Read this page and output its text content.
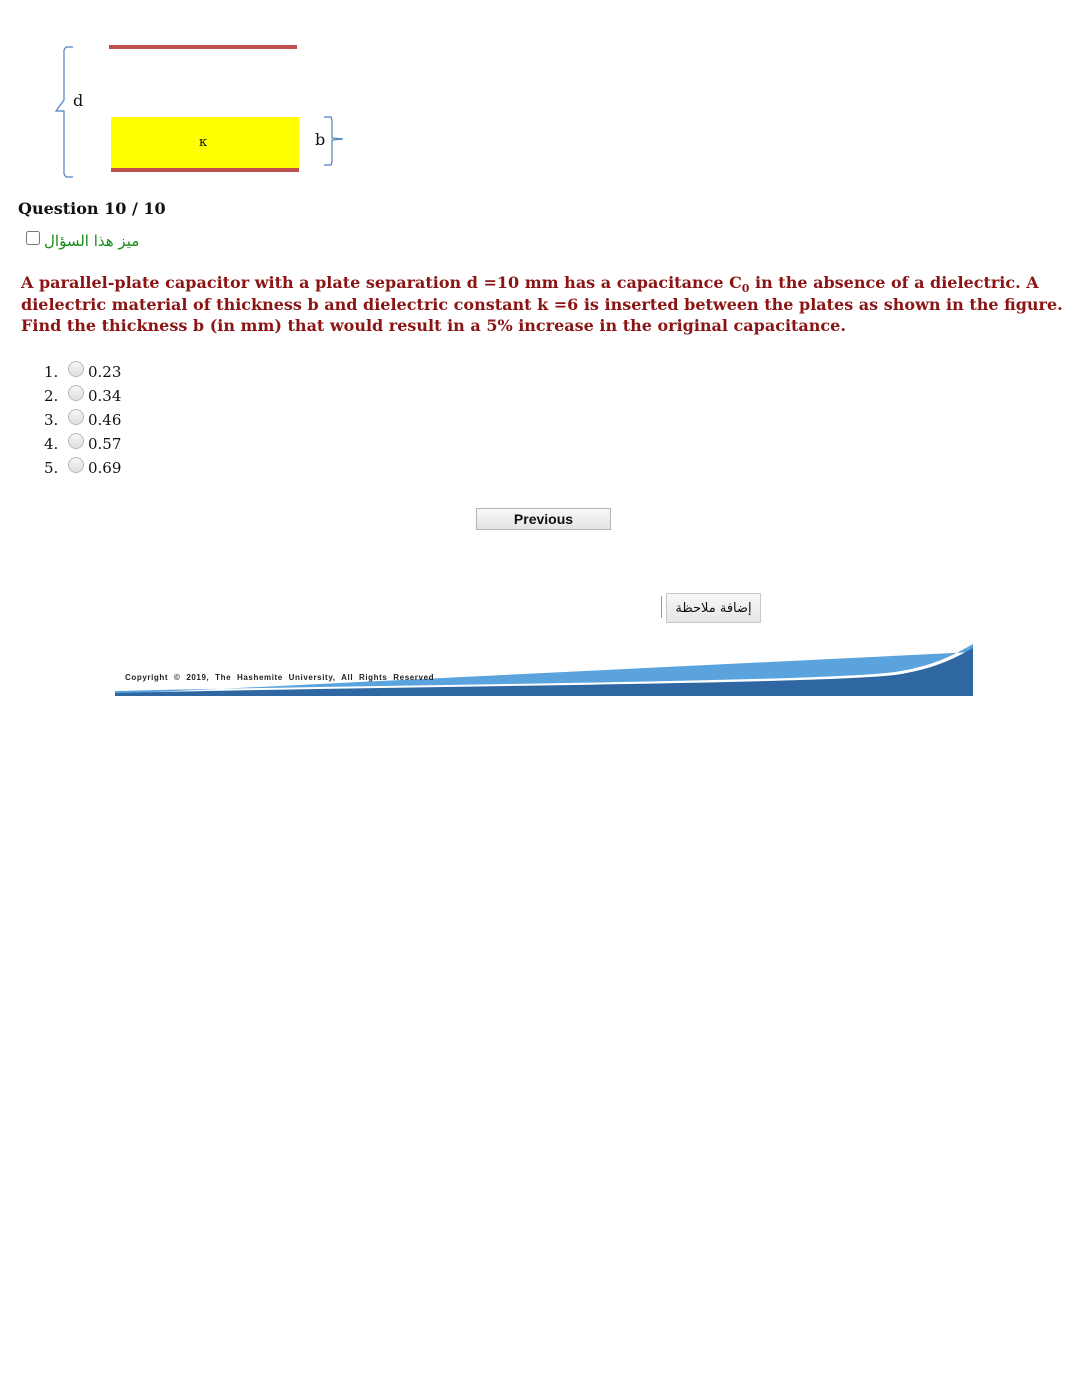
d
κ	b
Question 10 / 10
ميز هذا السؤال
A parallel-plate capacitor with a plate separation d =10 mm has a capacitance $C_0$ in the absence of a dielectric. A dielectric material of thickness b and dielectric constant k =6 is inserted between the plates as shown in the figure. Find the thickness b (in mm) that would result in a 5% increase in the original capacitance.
1.	0.23
2.	0.34
3.	0.46
4.	0.57
5.	0.69
Previous
إضافة ملاحظة
Copyright © 2019, The Hashemite University, All Rights Reserved
